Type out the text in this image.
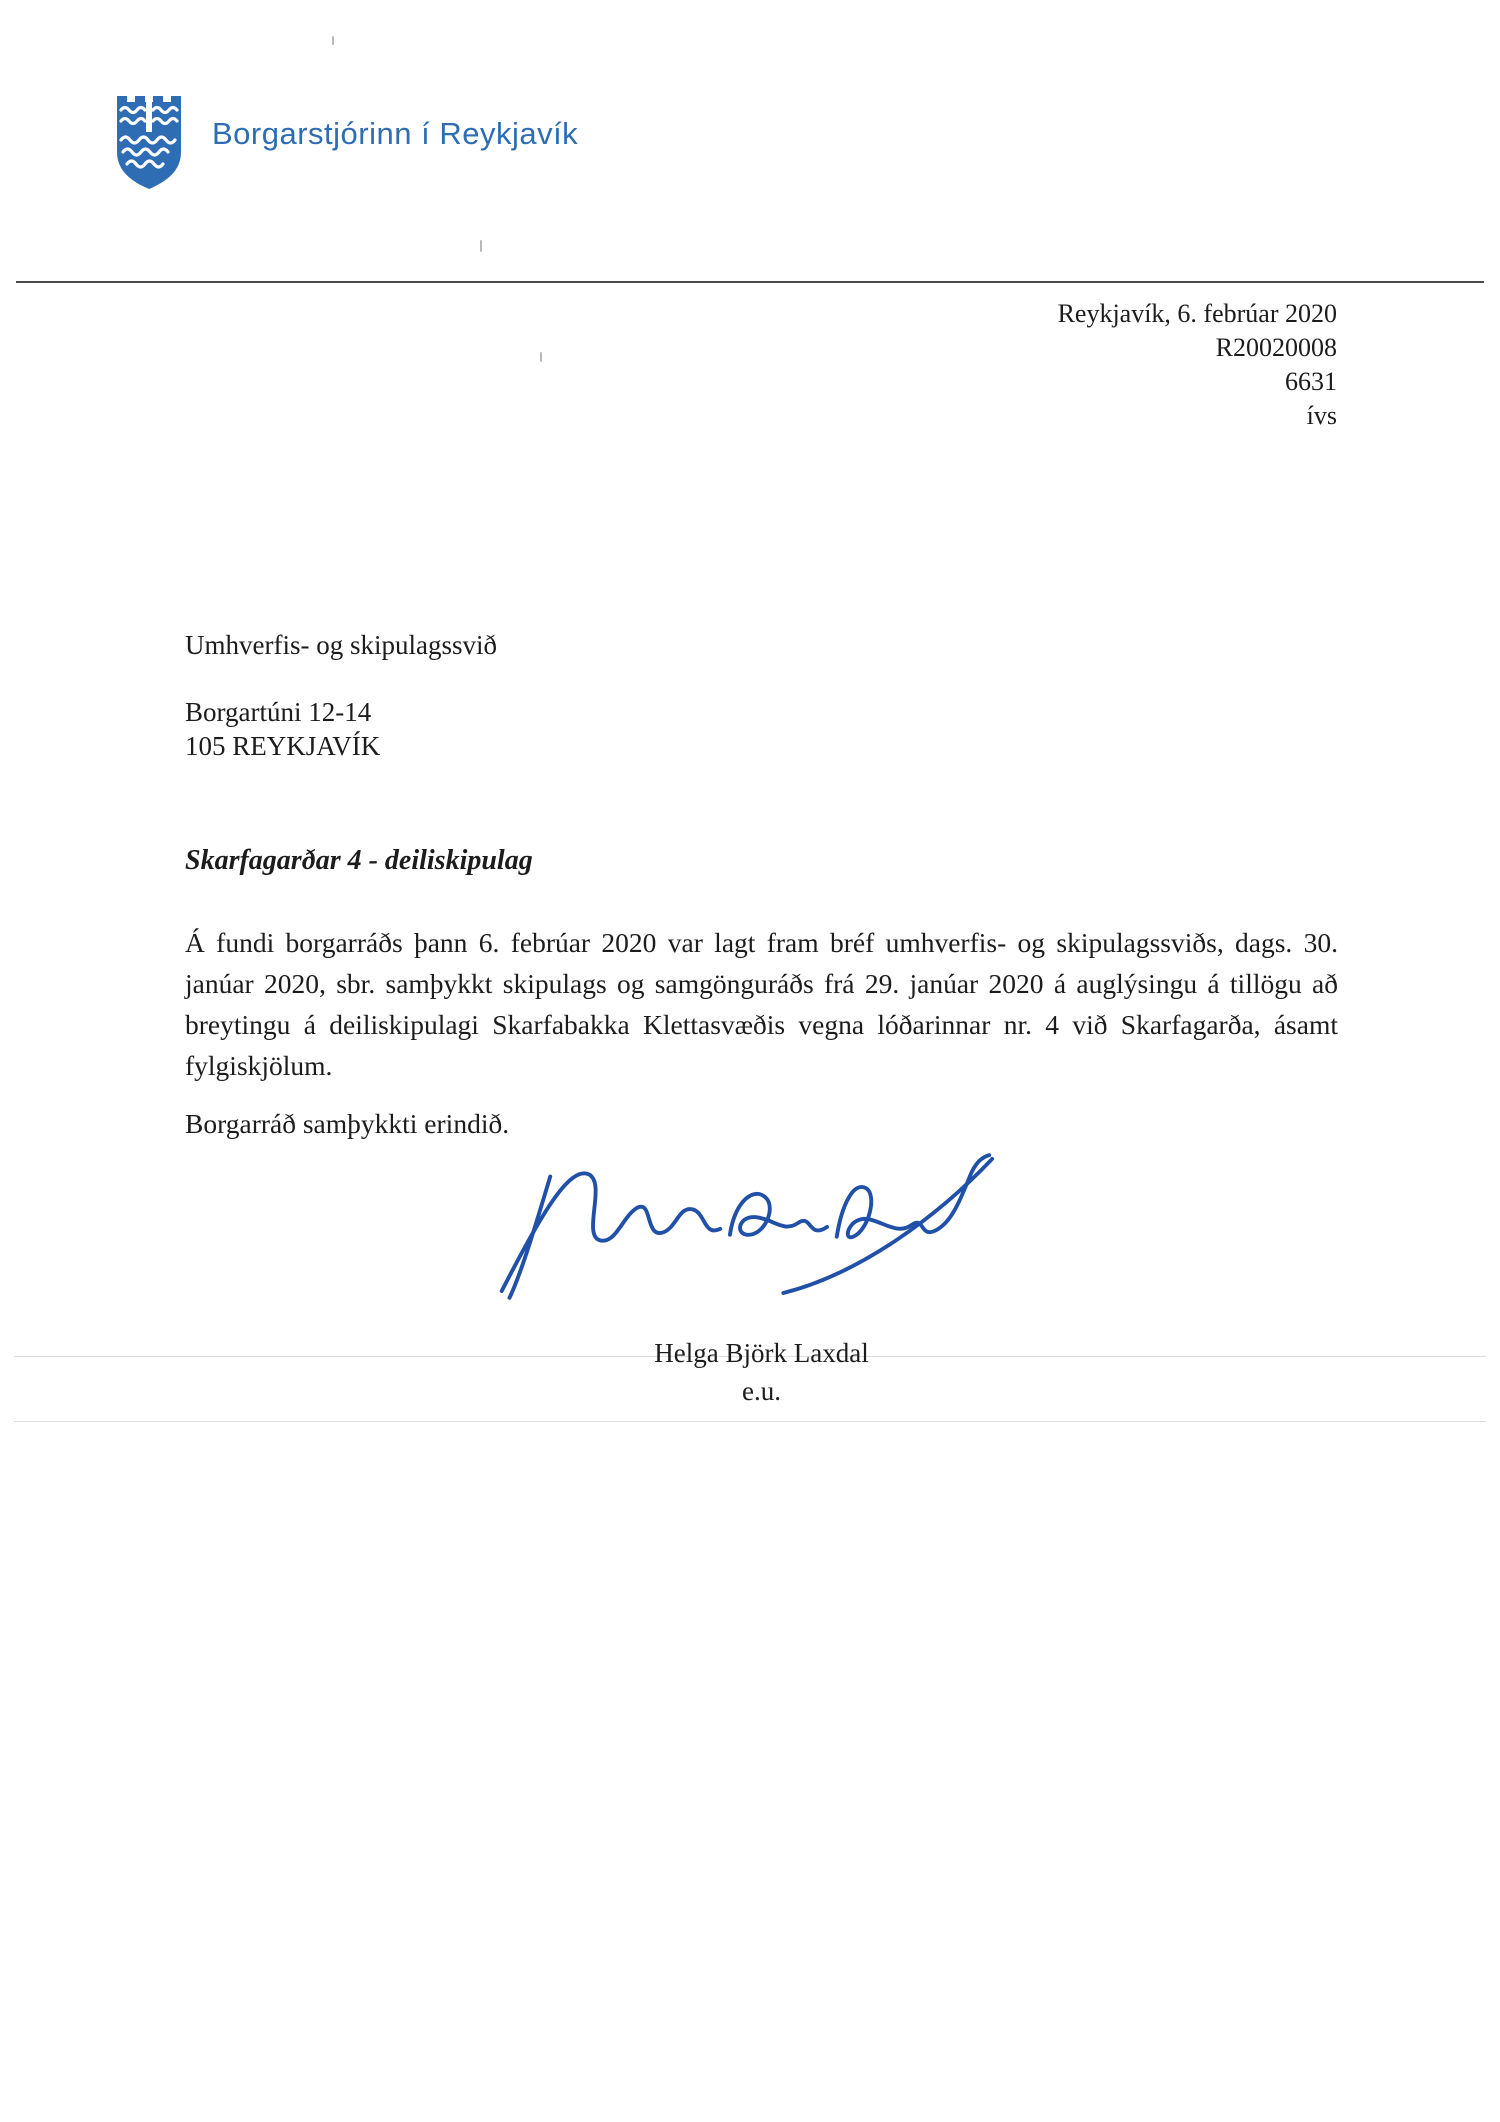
Borgarstjórinn í Reykjavík
Reykjavík, 6. febrúar 2020
R20020008
6631
ívs
Umhverfis- og skipulagssvið
Borgartúni 12-14
105 REYKJAVÍK
Skarfagarðar 4 - deiliskipulag
Á fundi borgarráðs þann 6. febrúar 2020 var lagt fram bréf umhverfis- og skipulagssviðs, dags. 30. janúar 2020, sbr. samþykkt skipulags og samgönguráðs frá 29. janúar 2020 á auglýsingu á tillögu að breytingu á deiliskipulagi Skarfabakka Klettasvæðis vegna lóðarinnar nr. 4 við Skarfagarða, ásamt fylgiskjölum.
Borgarráð samþykkti erindið.
Helga Björk Laxdal
e.u.
